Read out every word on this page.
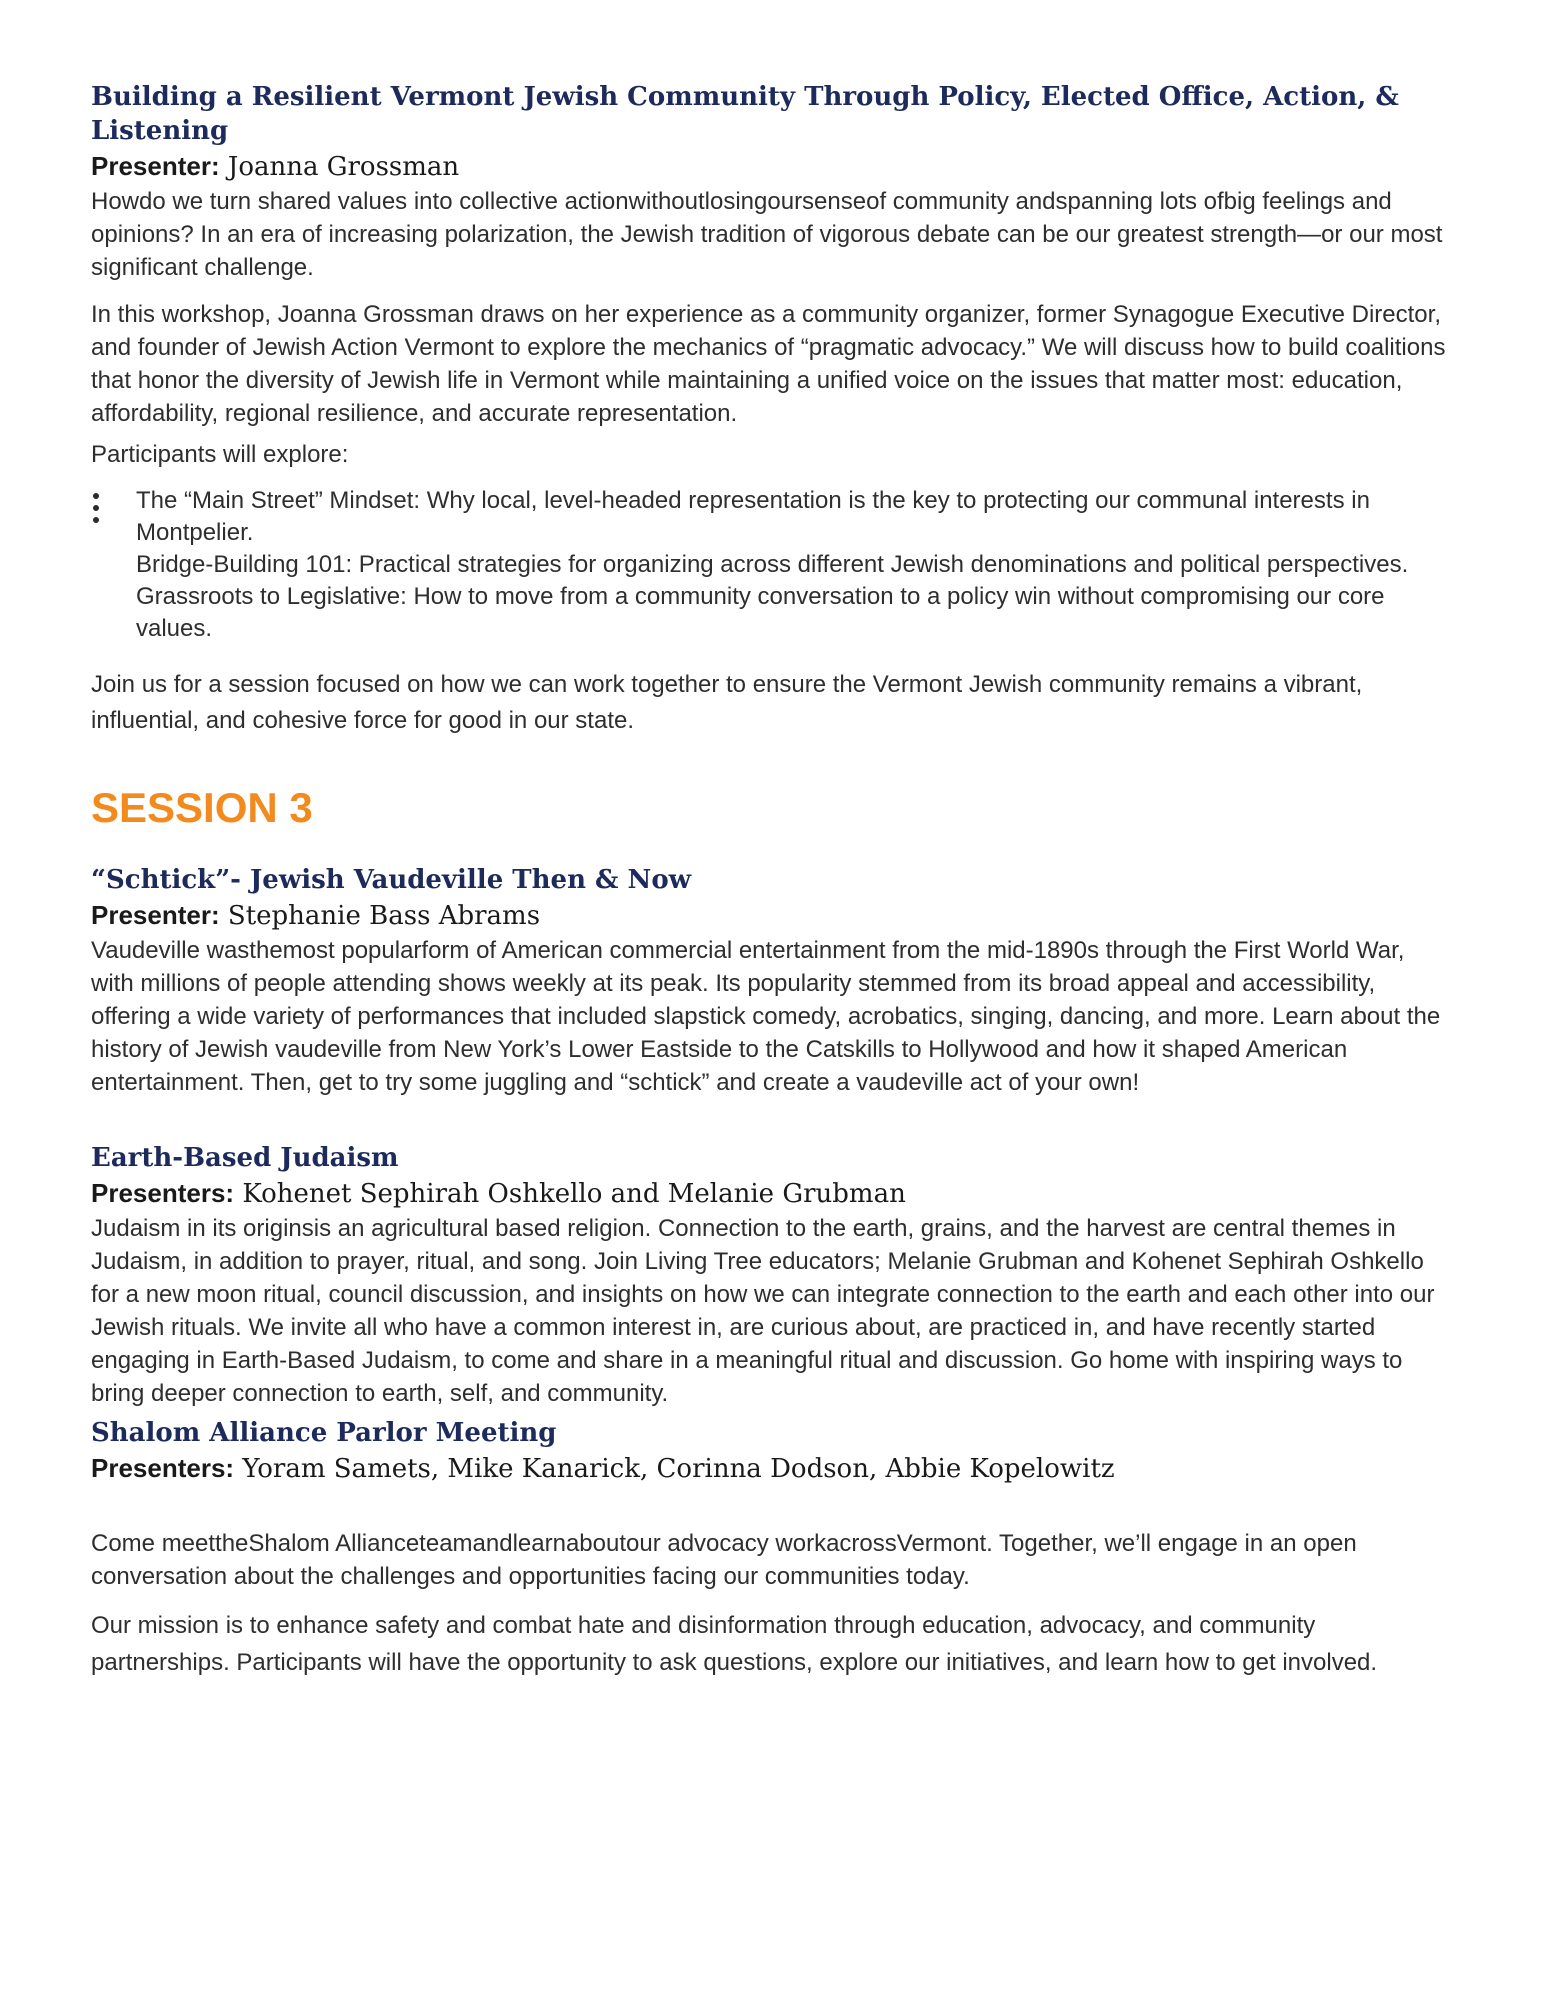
Building a Resilient Vermont Jewish Community Through Policy, Elected Office, Action, & Listening

Presenter: Joanna Grossman

Howdo we turn shared values into collective actionwithoutlosingoursenseof community andspanning lots ofbig feelings and opinions? In an era of increasing polarization, the Jewish tradition of vigorous debate can be our greatest strength—or our most significant challenge.

In this workshop, Joanna Grossman draws on her experience as a community organizer, former Synagogue Executive Director, and founder of Jewish Action Vermont to explore the mechanics of “pragmatic advocacy.” We will discuss how to build coalitions that honor the diversity of Jewish life in Vermont while maintaining a unified voice on the issues that matter most: education, affordability, regional resilience, and accurate representation.

Participants will explore:

The “Main Street” Mindset: Why local, level-headed representation is the key to protecting our communal interests in Montpelier.
Bridge-Building 101: Practical strategies for organizing across different Jewish denominations and political perspectives.
Grassroots to Legislative: How to move from a community conversation to a policy win without compromising our core values.

Join us for a session focused on how we can work together to ensure the Vermont Jewish community remains a vibrant, influential, and cohesive force for good in our state.

SESSION 3
“Schtick”- Jewish Vaudeville Then & Now

Presenter: Stephanie Bass Abrams

Vaudeville wasthemost popularform of American commercial entertainment from the mid-1890s through the First World War, with millions of people attending shows weekly at its peak. Its popularity stemmed from its broad appeal and accessibility, offering a wide variety of performances that included slapstick comedy, acrobatics, singing, dancing, and more. Learn about the history of Jewish vaudeville from New York’s Lower Eastside to the Catskills to Hollywood and how it shaped American entertainment. Then, get to try some juggling and “schtick” and create a vaudeville act of your own!

Earth-Based Judaism

Presenters: Kohenet Sephirah Oshkello and Melanie Grubman

Judaism in its originsis an agricultural based religion. Connection to the earth, grains, and the harvest are central themes in Judaism, in addition to prayer, ritual, and song. Join Living Tree educators; Melanie Grubman and Kohenet Sephirah Oshkello for a new moon ritual, council discussion, and insights on how we can integrate connection to the earth and each other into our Jewish rituals. We invite all who have a common interest in, are curious about, are practiced in, and have recently started engaging in Earth-Based Judaism, to come and share in a meaningful ritual and discussion. Go home with inspiring ways to bring deeper connection to earth, self, and community.

Shalom Alliance Parlor Meeting

Presenters: Yoram Samets, Mike Kanarick, Corinna Dodson, Abbie Kopelowitz

Come meettheShalom Allianceteamandlearnaboutour advocacy workacrossVermont. Together, we’ll engage in an open conversation about the challenges and opportunities facing our communities today.

Our mission is to enhance safety and combat hate and disinformation through education, advocacy, and community partnerships. Participants will have the opportunity to ask questions, explore our initiatives, and learn how to get involved.
